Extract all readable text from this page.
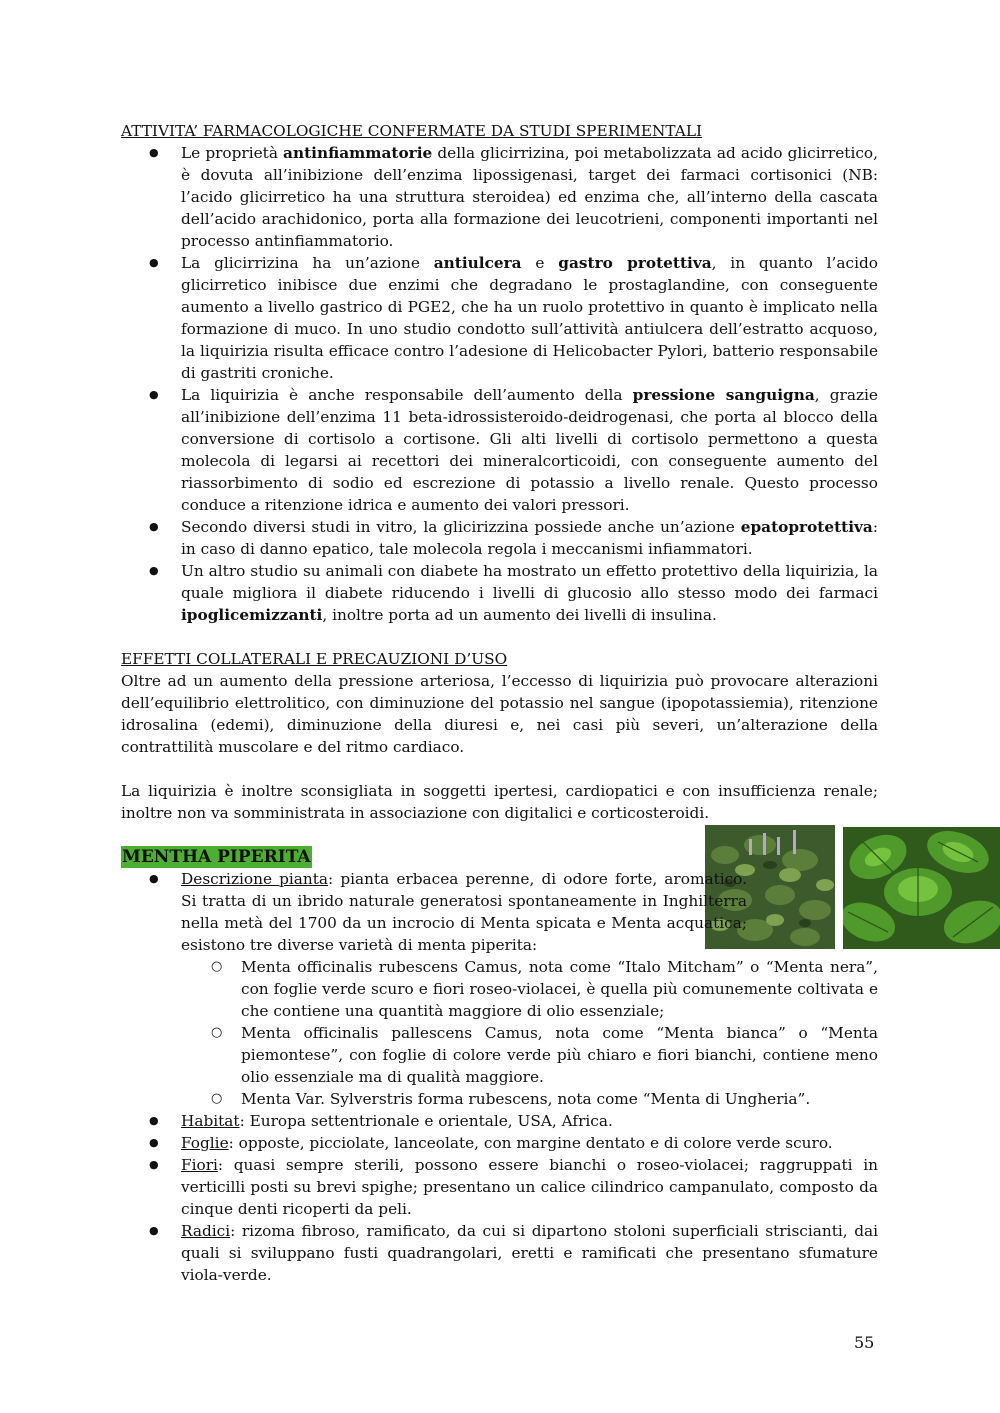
ATTIVITA’ FARMACOLOGICHE CONFERMATE DA STUDI SPERIMENTALI

● Le proprietà antinfiammatorie della glicirrizina, poi metabolizzata ad acido glicirretico, è dovuta all’inibizione dell’enzima lipossigenasi, target dei farmaci cortisonici (NB: l’acido glicirretico ha una struttura steroidea) ed enzima che, all’interno della cascata dell’acido arachidonico, porta alla formazione dei leucotrieni, componenti importanti nel processo antinfiammatorio.
● La glicirrizina ha un’azione antiulcera e gastro protettiva, in quanto l’acido glicirretico inibisce due enzimi che degradano le prostaglandine, con conseguente aumento a livello gastrico di PGE2, che ha un ruolo protettivo in quanto è implicato nella formazione di muco. In uno studio condotto sull’attività antiulcera dell’estratto acquoso, la liquirizia risulta efficace contro l’adesione di Helicobacter Pylori, batterio responsabile di gastriti croniche.
● La liquirizia è anche responsabile dell’aumento della pressione sanguigna, grazie all’inibizione dell’enzima 11 beta-idrossisteroido-deidrogenasi, che porta al blocco della conversione di cortisolo a cortisone. Gli alti livelli di cortisolo permettono a questa molecola di legarsi ai recettori dei mineralcorticoidi, con conseguente aumento del riassorbimento di sodio ed escrezione di potassio a livello renale. Questo processo conduce a ritenzione idrica e aumento dei valori pressori.
● Secondo diversi studi in vitro, la glicirizzina possiede anche un’azione epatoprotettiva: in caso di danno epatico, tale molecola regola i meccanismi infiammatori.
● Un altro studio su animali con diabete ha mostrato un effetto protettivo della liquirizia, la quale migliora il diabete riducendo i livelli di glucosio allo stesso modo dei farmaci ipoglicemizzanti, inoltre porta ad un aumento dei livelli di insulina.

EFFETTI COLLATERALI E PRECAUZIONI D’USO

Oltre ad un aumento della pressione arteriosa, l’eccesso di liquirizia può provocare alterazioni dell’equilibrio elettrolitico, con diminuzione del potassio nel sangue (ipopotassiemia), ritenzione idrosalina (edemi), diminuzione della diuresi e, nei casi più severi, un’alterazione della contrattilità muscolare e del ritmo cardiaco.

La liquirizia è inoltre sconsigliata in soggetti ipertesi, cardiopatici e con insufficienza renale; inoltre non va somministrata in associazione con digitalici e corticosteroidi.

MENTHA PIPERITA
● Descrizione pianta: pianta erbacea perenne, di odore forte, aromatico. Si tratta di un ibrido naturale generatosi spontaneamente in Inghilterra nella metà del 1700 da un incrocio di Menta spicata e Menta acquatica; esistono tre diverse varietà di menta piperita:
○ Menta officinalis rubescens Camus, nota come “Italo Mitcham” o “Menta nera”, con foglie verde scuro e fiori roseo-violacei, è quella più comunemente coltivata e che contiene una quantità maggiore di olio essenziale;
○ Menta officinalis pallescens Camus, nota come “Menta bianca” o “Menta piemontese”, con foglie di colore verde più chiaro e fiori bianchi, contiene meno olio essenziale ma di qualità maggiore.
○ Menta Var. Sylverstris forma rubescens, nota come “Menta di Ungheria”.
● Habitat: Europa settentrionale e orientale, USA, Africa.
● Foglie: opposte, picciolate, lanceolate, con margine dentato e di colore verde scuro.
● Fiori: quasi sempre sterili, possono essere bianchi o roseo-violacei; raggruppati in verticilli posti su brevi spighe; presentano un calice cilindrico campanulato, composto da cinque denti ricoperti da peli.
● Radici: rizoma fibroso, ramificato, da cui si dipartono stoloni superficiali striscianti, dai quali si sviluppano fusti quadrangolari, eretti e ramificati che presentano sfumature viola-verde.
55
